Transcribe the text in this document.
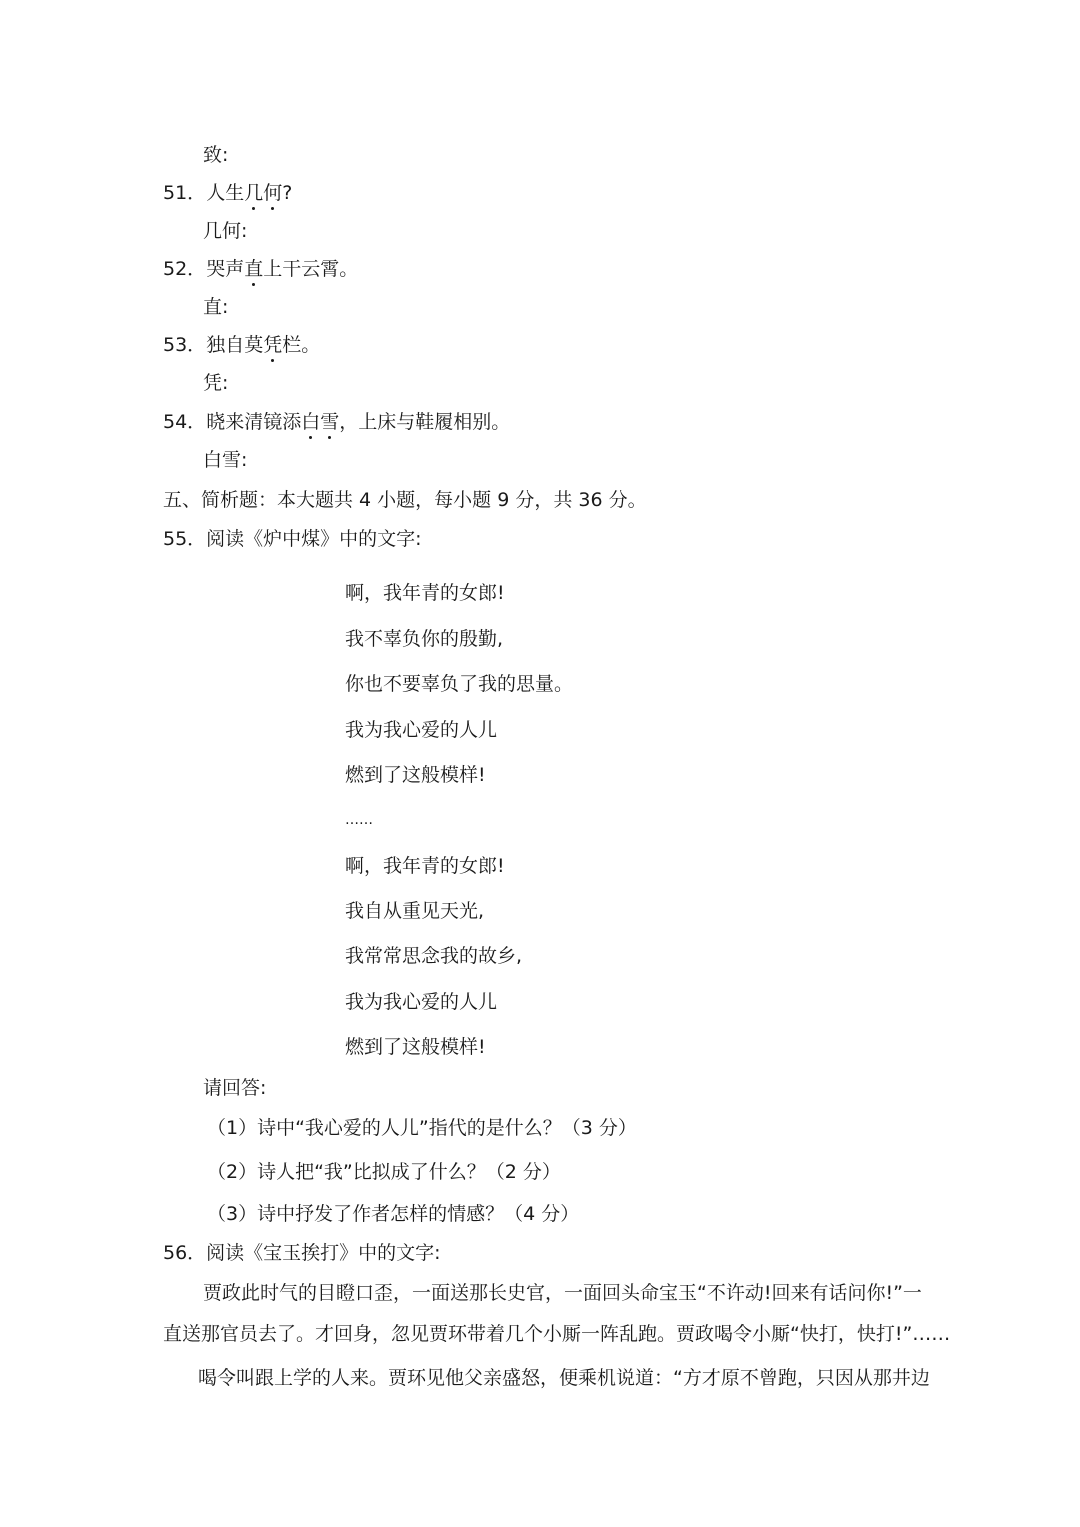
致:
51．人生几何?
几何:
52．哭声直上干云霄。
直:
53．独自莫凭栏。
凭:
54．晓来清镜添白雪，上床与鞋履相别。
白雪:
五、简析题：本大题共 4 小题，每小题 9 分，共 36 分。
55．阅读《炉中煤》中的文字:
啊，我年青的女郎!
我不辜负你的殷勤,
你也不要辜负了我的思量。
我为我心爱的人儿
燃到了这般模样!
……
啊，我年青的女郎!
我自从重见天光,
我常常思念我的故乡,
我为我心爱的人儿
燃到了这般模样!
请回答:
（1）诗中“我心爱的人儿”指代的是什么？（3 分）
（2）诗人把“我”比拟成了什么？（2 分）
（3）诗中抒发了作者怎样的情感？（4 分）
56．阅读《宝玉挨打》中的文字:
贾政此时气的目瞪口歪，一面送那长史官，一面回头命宝玉“不许动!回来有话问你!”一
直送那官员去了。才回身，忽见贾环带着几个小厮一阵乱跑。贾政喝令小厮“快打，快打!”……
喝令叫跟上学的人来。贾环见他父亲盛怒，便乘机说道：“方才原不曾跑，只因从那井边
